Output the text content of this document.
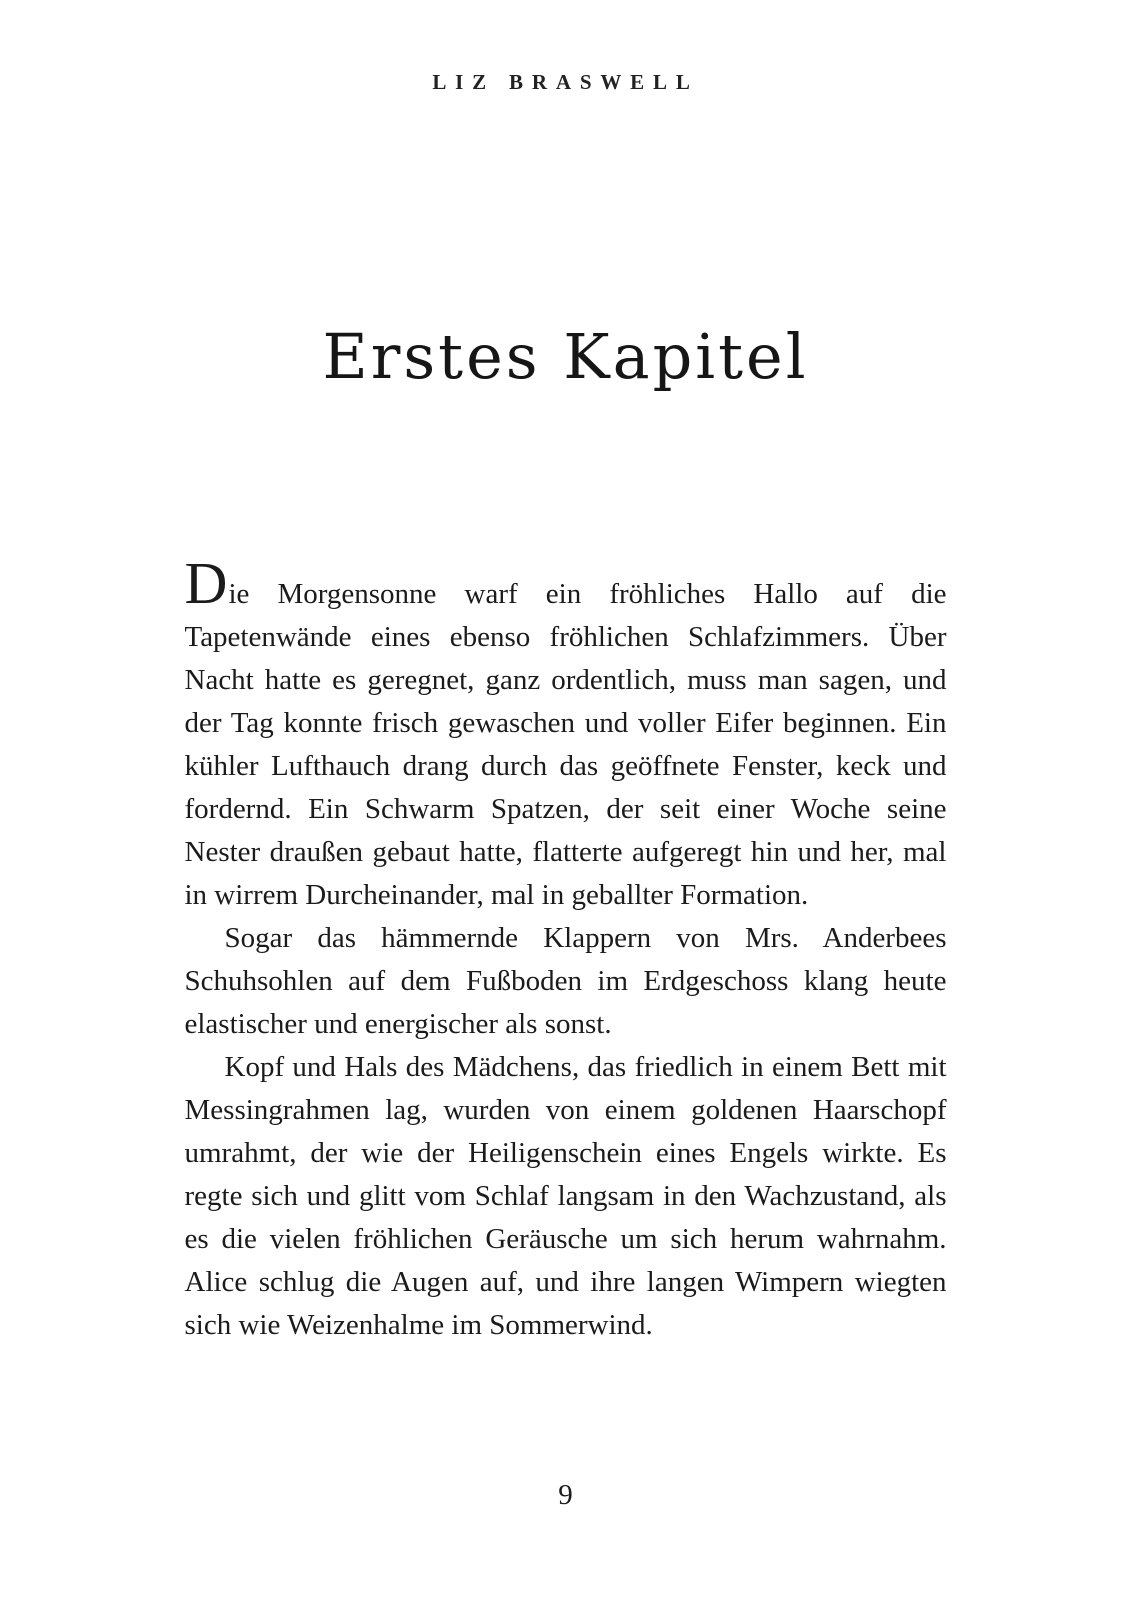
LIZ BRASWELL
Erstes Kapitel

Die Morgensonne warf ein fröhliches Hallo auf die Tapetenwände eines ebenso fröhlichen Schlafzimmers. Über Nacht hatte es geregnet, ganz ordentlich, muss man sagen, und der Tag konnte frisch gewaschen und voller Eifer beginnen. Ein kühler Lufthauch drang durch das geöffnete Fenster, keck und fordernd. Ein Schwarm Spatzen, der seit einer Woche seine Nester draußen gebaut hatte, flatterte aufgeregt hin und her, mal in wirrem Durcheinander, mal in geballter Formation.

Sogar das hämmernde Klappern von Mrs. Anderbees Schuhsohlen auf dem Fußboden im Erdgeschoss klang heute elastischer und energischer als sonst.

Kopf und Hals des Mädchens, das friedlich in einem Bett mit Messingrahmen lag, wurden von einem goldenen Haarschopf umrahmt, der wie der Heiligenschein eines Engels wirkte. Es regte sich und glitt vom Schlaf langsam in den Wachzustand, als es die vielen fröhlichen Geräusche um sich herum wahrnahm. Alice schlug die Augen auf, und ihre langen Wimpern wiegten sich wie Weizenhalme im Sommerwind.

9
